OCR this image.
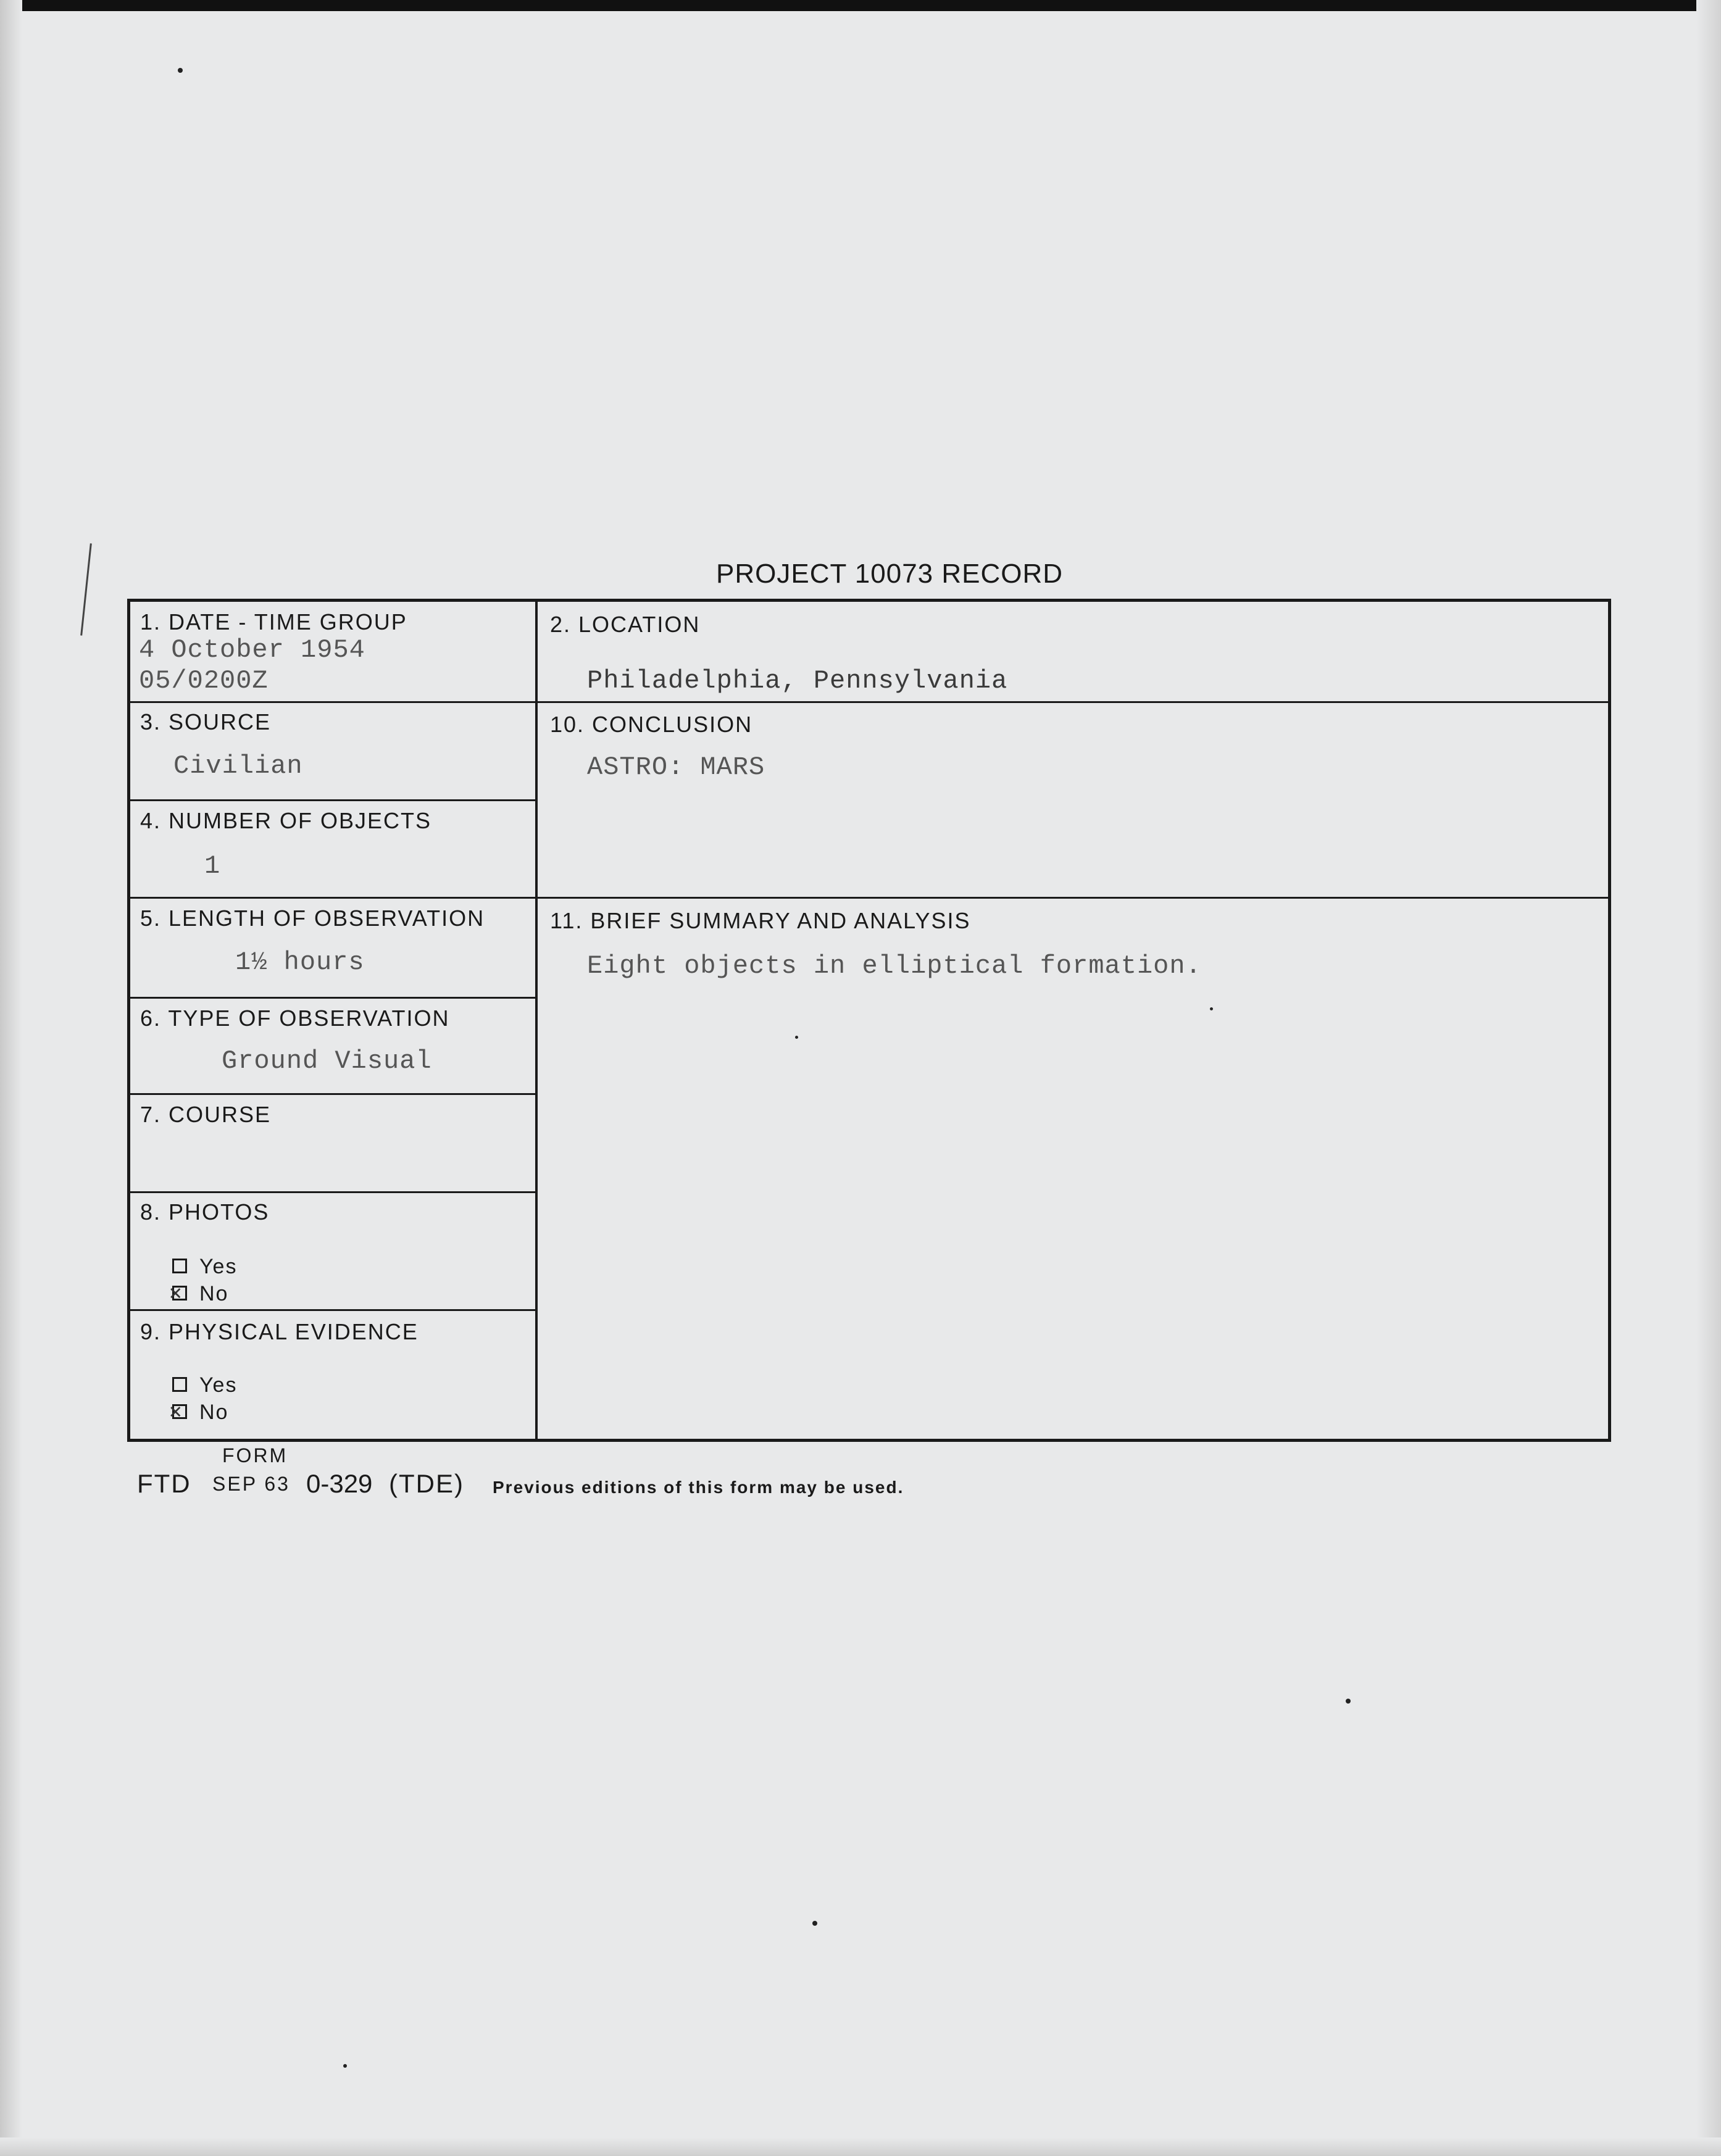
PROJECT 10073 RECORD
1. DATE - TIME GROUP
4 October 1954
05/0200Z
2. LOCATION
Philadelphia, Pennsylvania
3. SOURCE
Civilian
10. CONCLUSION
ASTRO: MARS
4. NUMBER OF OBJECTS
1
5. LENGTH OF OBSERVATION
1½ hours
11. BRIEF SUMMARY AND ANALYSIS
Eight objects in elliptical formation.
6. TYPE OF OBSERVATION
Ground Visual
7. COURSE
8. PHOTOS
Yes
✕ No
9. PHYSICAL EVIDENCE
Yes
✕ No
FORM
FTD SEP 63 0-329 (TDE) Previous editions of this form may be used.
